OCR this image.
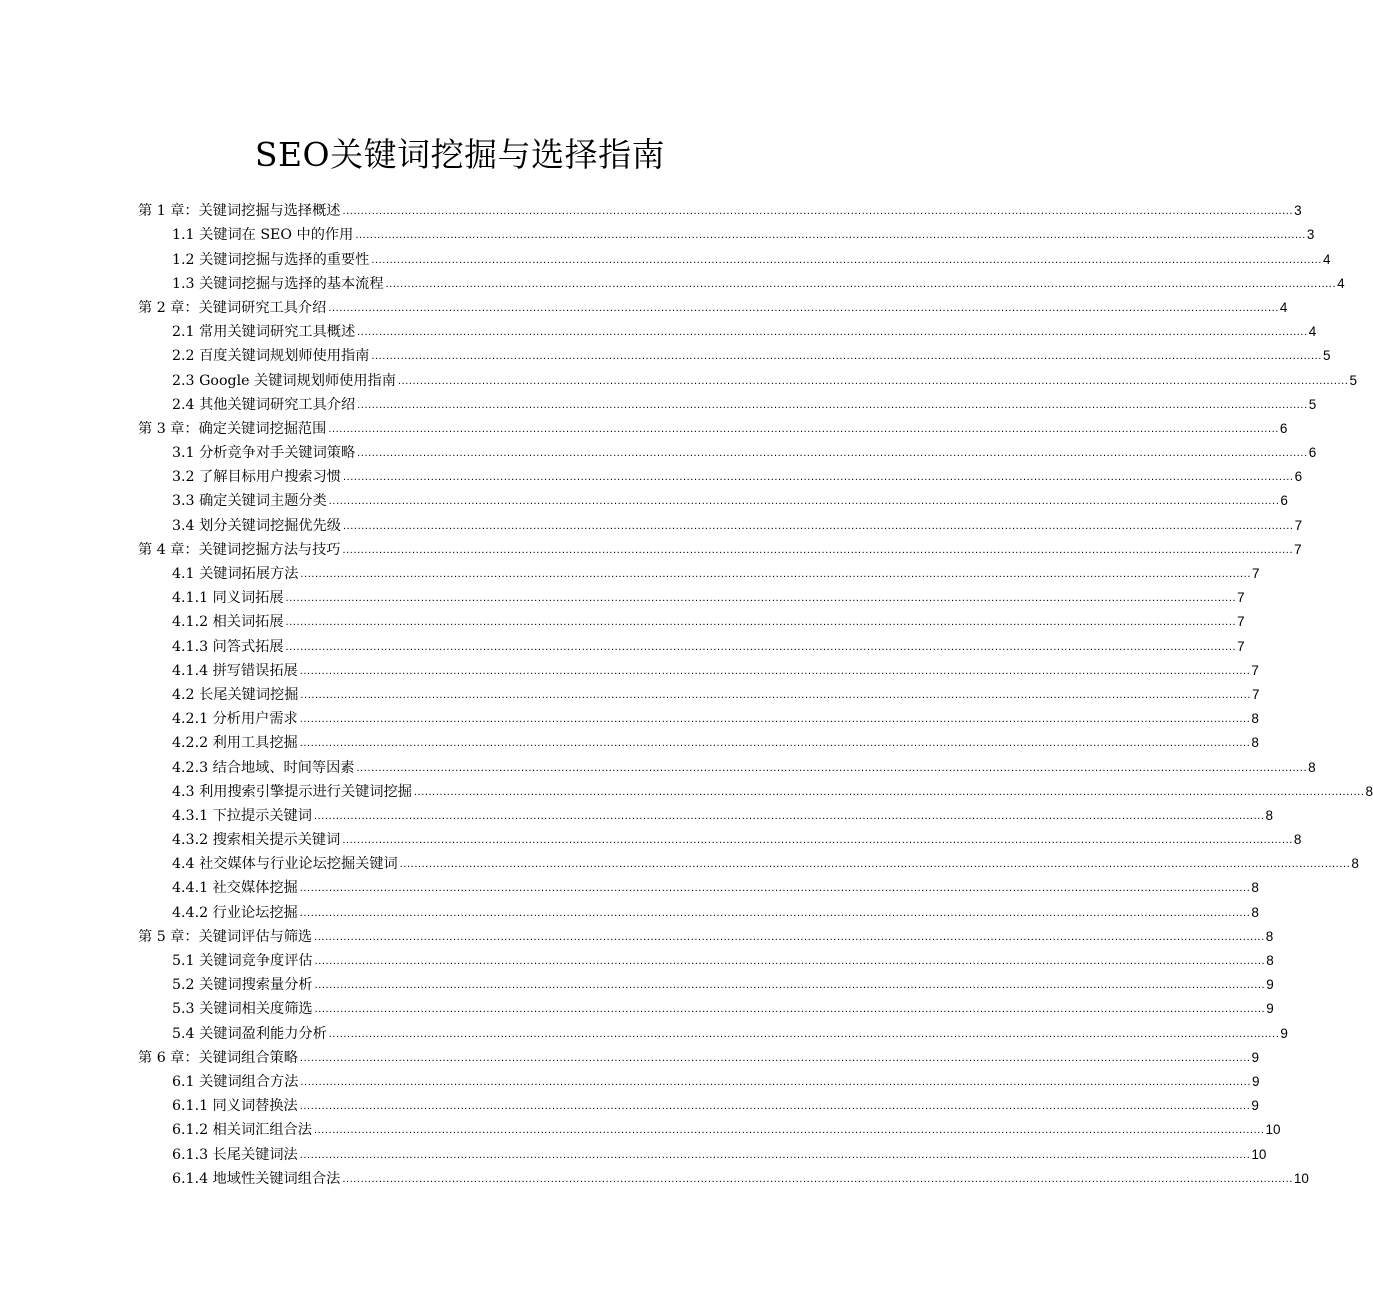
SEO关键词挖掘与选择指南
第 1 章：关键词挖掘与选择概述 .................................................................................................................................................................................................................................................................... 3
1.1 关键词在 SEO 中的作用 .................................................................................................................................................................................................................................................................... 3
1.2 关键词挖掘与选择的重要性 .................................................................................................................................................................................................................................................................... 4
1.3 关键词挖掘与选择的基本流程 .................................................................................................................................................................................................................................................................... 4
第 2 章：关键词研究工具介绍 .................................................................................................................................................................................................................................................................... 4
2.1 常用关键词研究工具概述 .................................................................................................................................................................................................................................................................... 4
2.2 百度关键词规划师使用指南 .................................................................................................................................................................................................................................................................... 5
2.3 Google 关键词规划师使用指南 .................................................................................................................................................................................................................................................................... 5
2.4 其他关键词研究工具介绍 .................................................................................................................................................................................................................................................................... 5
第 3 章：确定关键词挖掘范围 .................................................................................................................................................................................................................................................................... 6
3.1 分析竞争对手关键词策略 .................................................................................................................................................................................................................................................................... 6
3.2 了解目标用户搜索习惯 .................................................................................................................................................................................................................................................................... 6
3.3 确定关键词主题分类 .................................................................................................................................................................................................................................................................... 6
3.4 划分关键词挖掘优先级 .................................................................................................................................................................................................................................................................... 7
第 4 章：关键词挖掘方法与技巧 .................................................................................................................................................................................................................................................................... 7
4.1 关键词拓展方法 .................................................................................................................................................................................................................................................................... 7
4.1.1 同义词拓展 .................................................................................................................................................................................................................................................................... 7
4.1.2 相关词拓展 .................................................................................................................................................................................................................................................................... 7
4.1.3 问答式拓展 .................................................................................................................................................................................................................................................................... 7
4.1.4 拼写错误拓展 .................................................................................................................................................................................................................................................................... 7
4.2 长尾关键词挖掘 .................................................................................................................................................................................................................................................................... 7
4.2.1 分析用户需求 .................................................................................................................................................................................................................................................................... 8
4.2.2 利用工具挖掘 .................................................................................................................................................................................................................................................................... 8
4.2.3 结合地域、时间等因素 .................................................................................................................................................................................................................................................................... 8
4.3 利用搜索引擎提示进行关键词挖掘 .................................................................................................................................................................................................................................................................... 8
4.3.1 下拉提示关键词 .................................................................................................................................................................................................................................................................... 8
4.3.2 搜索相关提示关键词 .................................................................................................................................................................................................................................................................... 8
4.4 社交媒体与行业论坛挖掘关键词 .................................................................................................................................................................................................................................................................... 8
4.4.1 社交媒体挖掘 .................................................................................................................................................................................................................................................................... 8
4.4.2 行业论坛挖掘 .................................................................................................................................................................................................................................................................... 8
第 5 章：关键词评估与筛选 .................................................................................................................................................................................................................................................................... 8
5.1 关键词竞争度评估 .................................................................................................................................................................................................................................................................... 8
5.2 关键词搜索量分析 .................................................................................................................................................................................................................................................................... 9
5.3 关键词相关度筛选 .................................................................................................................................................................................................................................................................... 9
5.4 关键词盈利能力分析 .................................................................................................................................................................................................................................................................... 9
第 6 章：关键词组合策略 .................................................................................................................................................................................................................................................................... 9
6.1 关键词组合方法 .................................................................................................................................................................................................................................................................... 9
6.1.1 同义词替换法 .................................................................................................................................................................................................................................................................... 9
6.1.2 相关词汇组合法 .................................................................................................................................................................................................................................................................... 10
6.1.3 长尾关键词法 .................................................................................................................................................................................................................................................................... 10
6.1.4 地域性关键词组合法 .................................................................................................................................................................................................................................................................... 10
